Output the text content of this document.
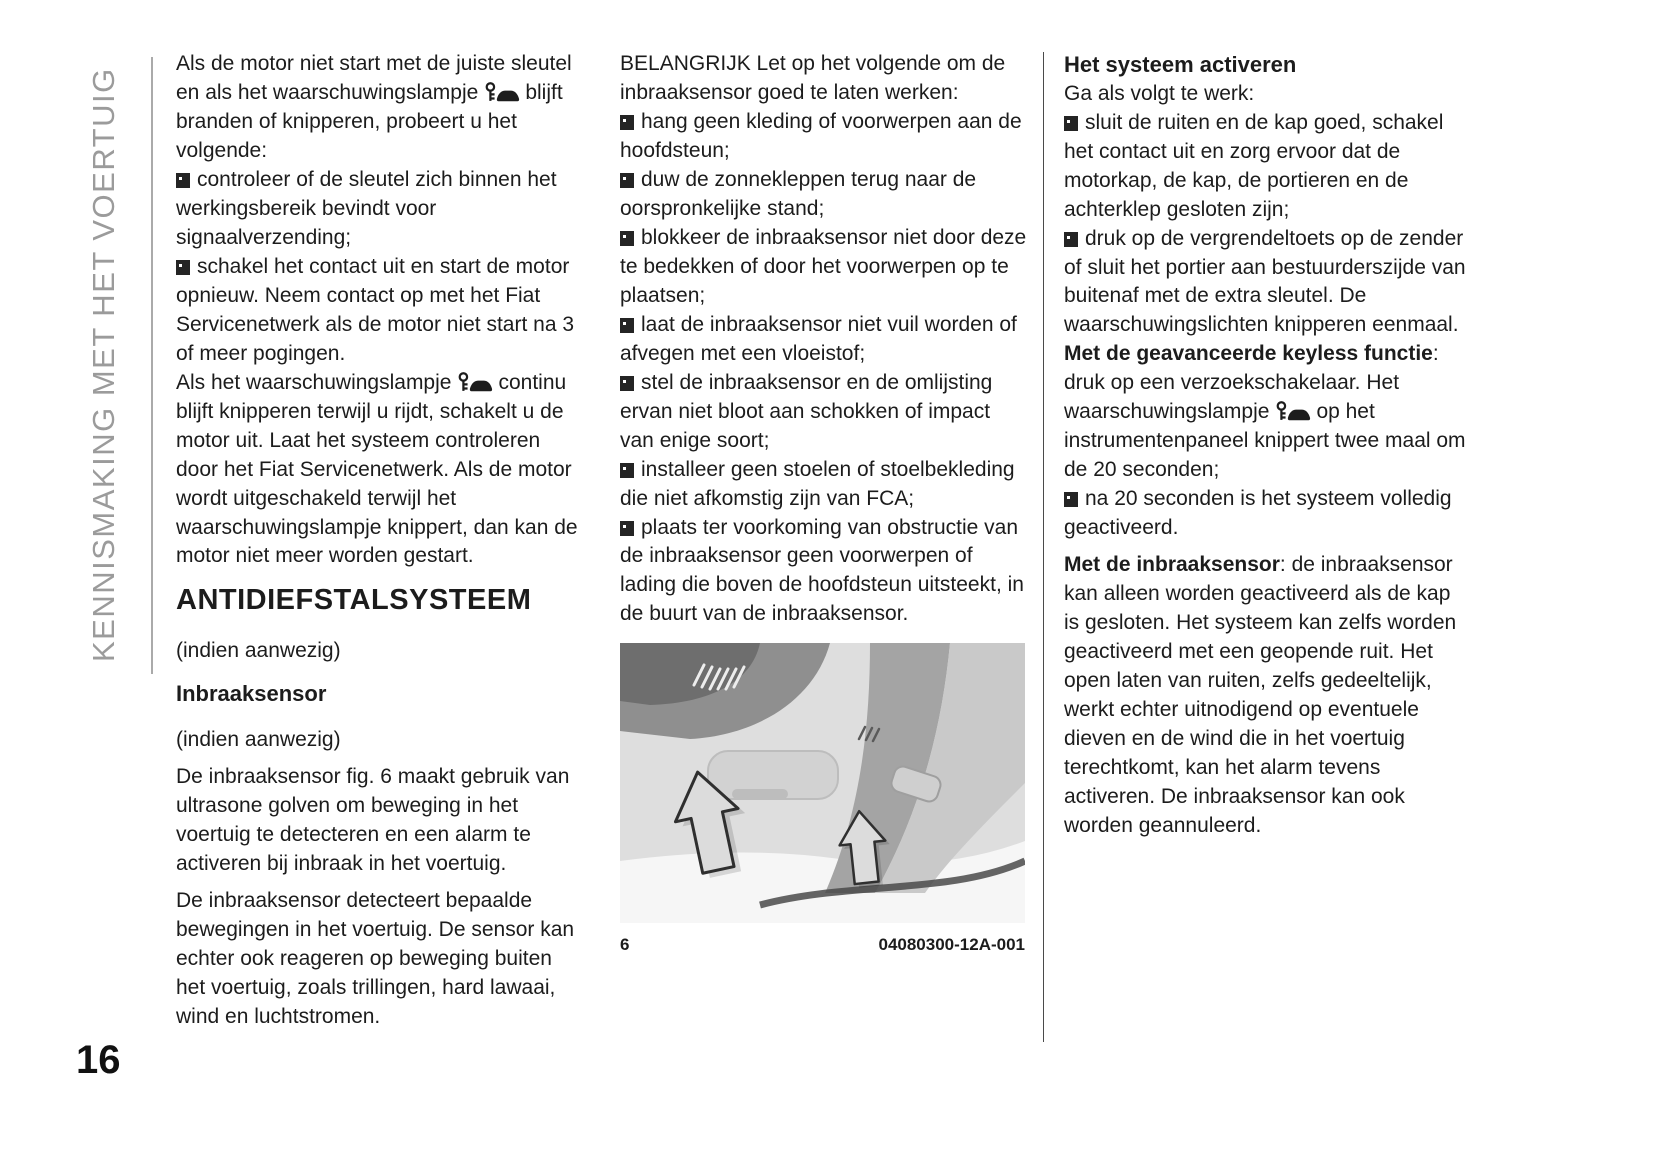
KENNISMAKING MET HET VOERTUIG
16

Als de motor niet start met de juiste sleutel en als het waarschuwingslampje blijft branden of knipperen, probeert u het volgende:

controleer of de sleutel zich binnen het werkingsbereik bevindt voor signaalverzending;

schakel het contact uit en start de motor opnieuw. Neem contact op met het Fiat Servicenetwerk als de motor niet start na 3 of meer pogingen.

Als het waarschuwingslampje continu blijft knipperen terwijl u rijdt, schakelt u de motor uit. Laat het systeem controleren door het Fiat Servicenetwerk. Als de motor wordt uitgeschakeld terwijl het waarschuwingslampje knippert, dan kan de motor niet meer worden gestart.

ANTIDIEFSTALSYSTEEM

(indien aanwezig)

Inbraaksensor

(indien aanwezig)

De inbraaksensor fig. 6 maakt gebruik van ultrasone golven om beweging in het voertuig te detecteren en een alarm te activeren bij inbraak in het voertuig.

De inbraaksensor detecteert bepaalde bewegingen in het voertuig. De sensor kan echter ook reageren op beweging buiten het voertuig, zoals trillingen, hard lawaai, wind en luchtstromen.

BELANGRIJK Let op het volgende om de inbraaksensor goed te laten werken:

hang geen kleding of voorwerpen aan de hoofdsteun;

duw de zonnekleppen terug naar de oorspronkelijke stand;

blokkeer de inbraaksensor niet door deze te bedekken of door het voorwerpen op te plaatsen;

laat de inbraaksensor niet vuil worden of afvegen met een vloeistof;

stel de inbraaksensor en de omlijsting ervan niet bloot aan schokken of impact van enige soort;

installeer geen stoelen of stoelbekleding die niet afkomstig zijn van FCA;

plaats ter voorkoming van obstructie van de inbraaksensor geen voorwerpen of lading die boven de hoofdsteun uitsteekt, in de buurt van de inbraaksensor.

6	04080300-12A-001
Het systeem activeren

Ga als volgt te werk:

sluit de ruiten en de kap goed, schakel het contact uit en zorg ervoor dat de motorkap, de kap, de portieren en de achterklep gesloten zijn;

druk op de vergrendeltoets op de zender of sluit het portier aan bestuurderszijde van buitenaf met de extra sleutel. De waarschuwingslichten knipperen eenmaal. Met de geavanceerde keyless functie: druk op een verzoekschakelaar. Het waarschuwingslampje op het instrumentenpaneel knippert twee maal om de 20 seconden;

na 20 seconden is het systeem volledig geactiveerd.

Met de inbraaksensor: de inbraaksensor kan alleen worden geactiveerd als de kap is gesloten. Het systeem kan zelfs worden geactiveerd met een geopende ruit. Het open laten van ruiten, zelfs gedeeltelijk, werkt echter uitnodigend op eventuele dieven en de wind die in het voertuig terechtkomt, kan het alarm tevens activeren. De inbraaksensor kan ook worden geannuleerd.
